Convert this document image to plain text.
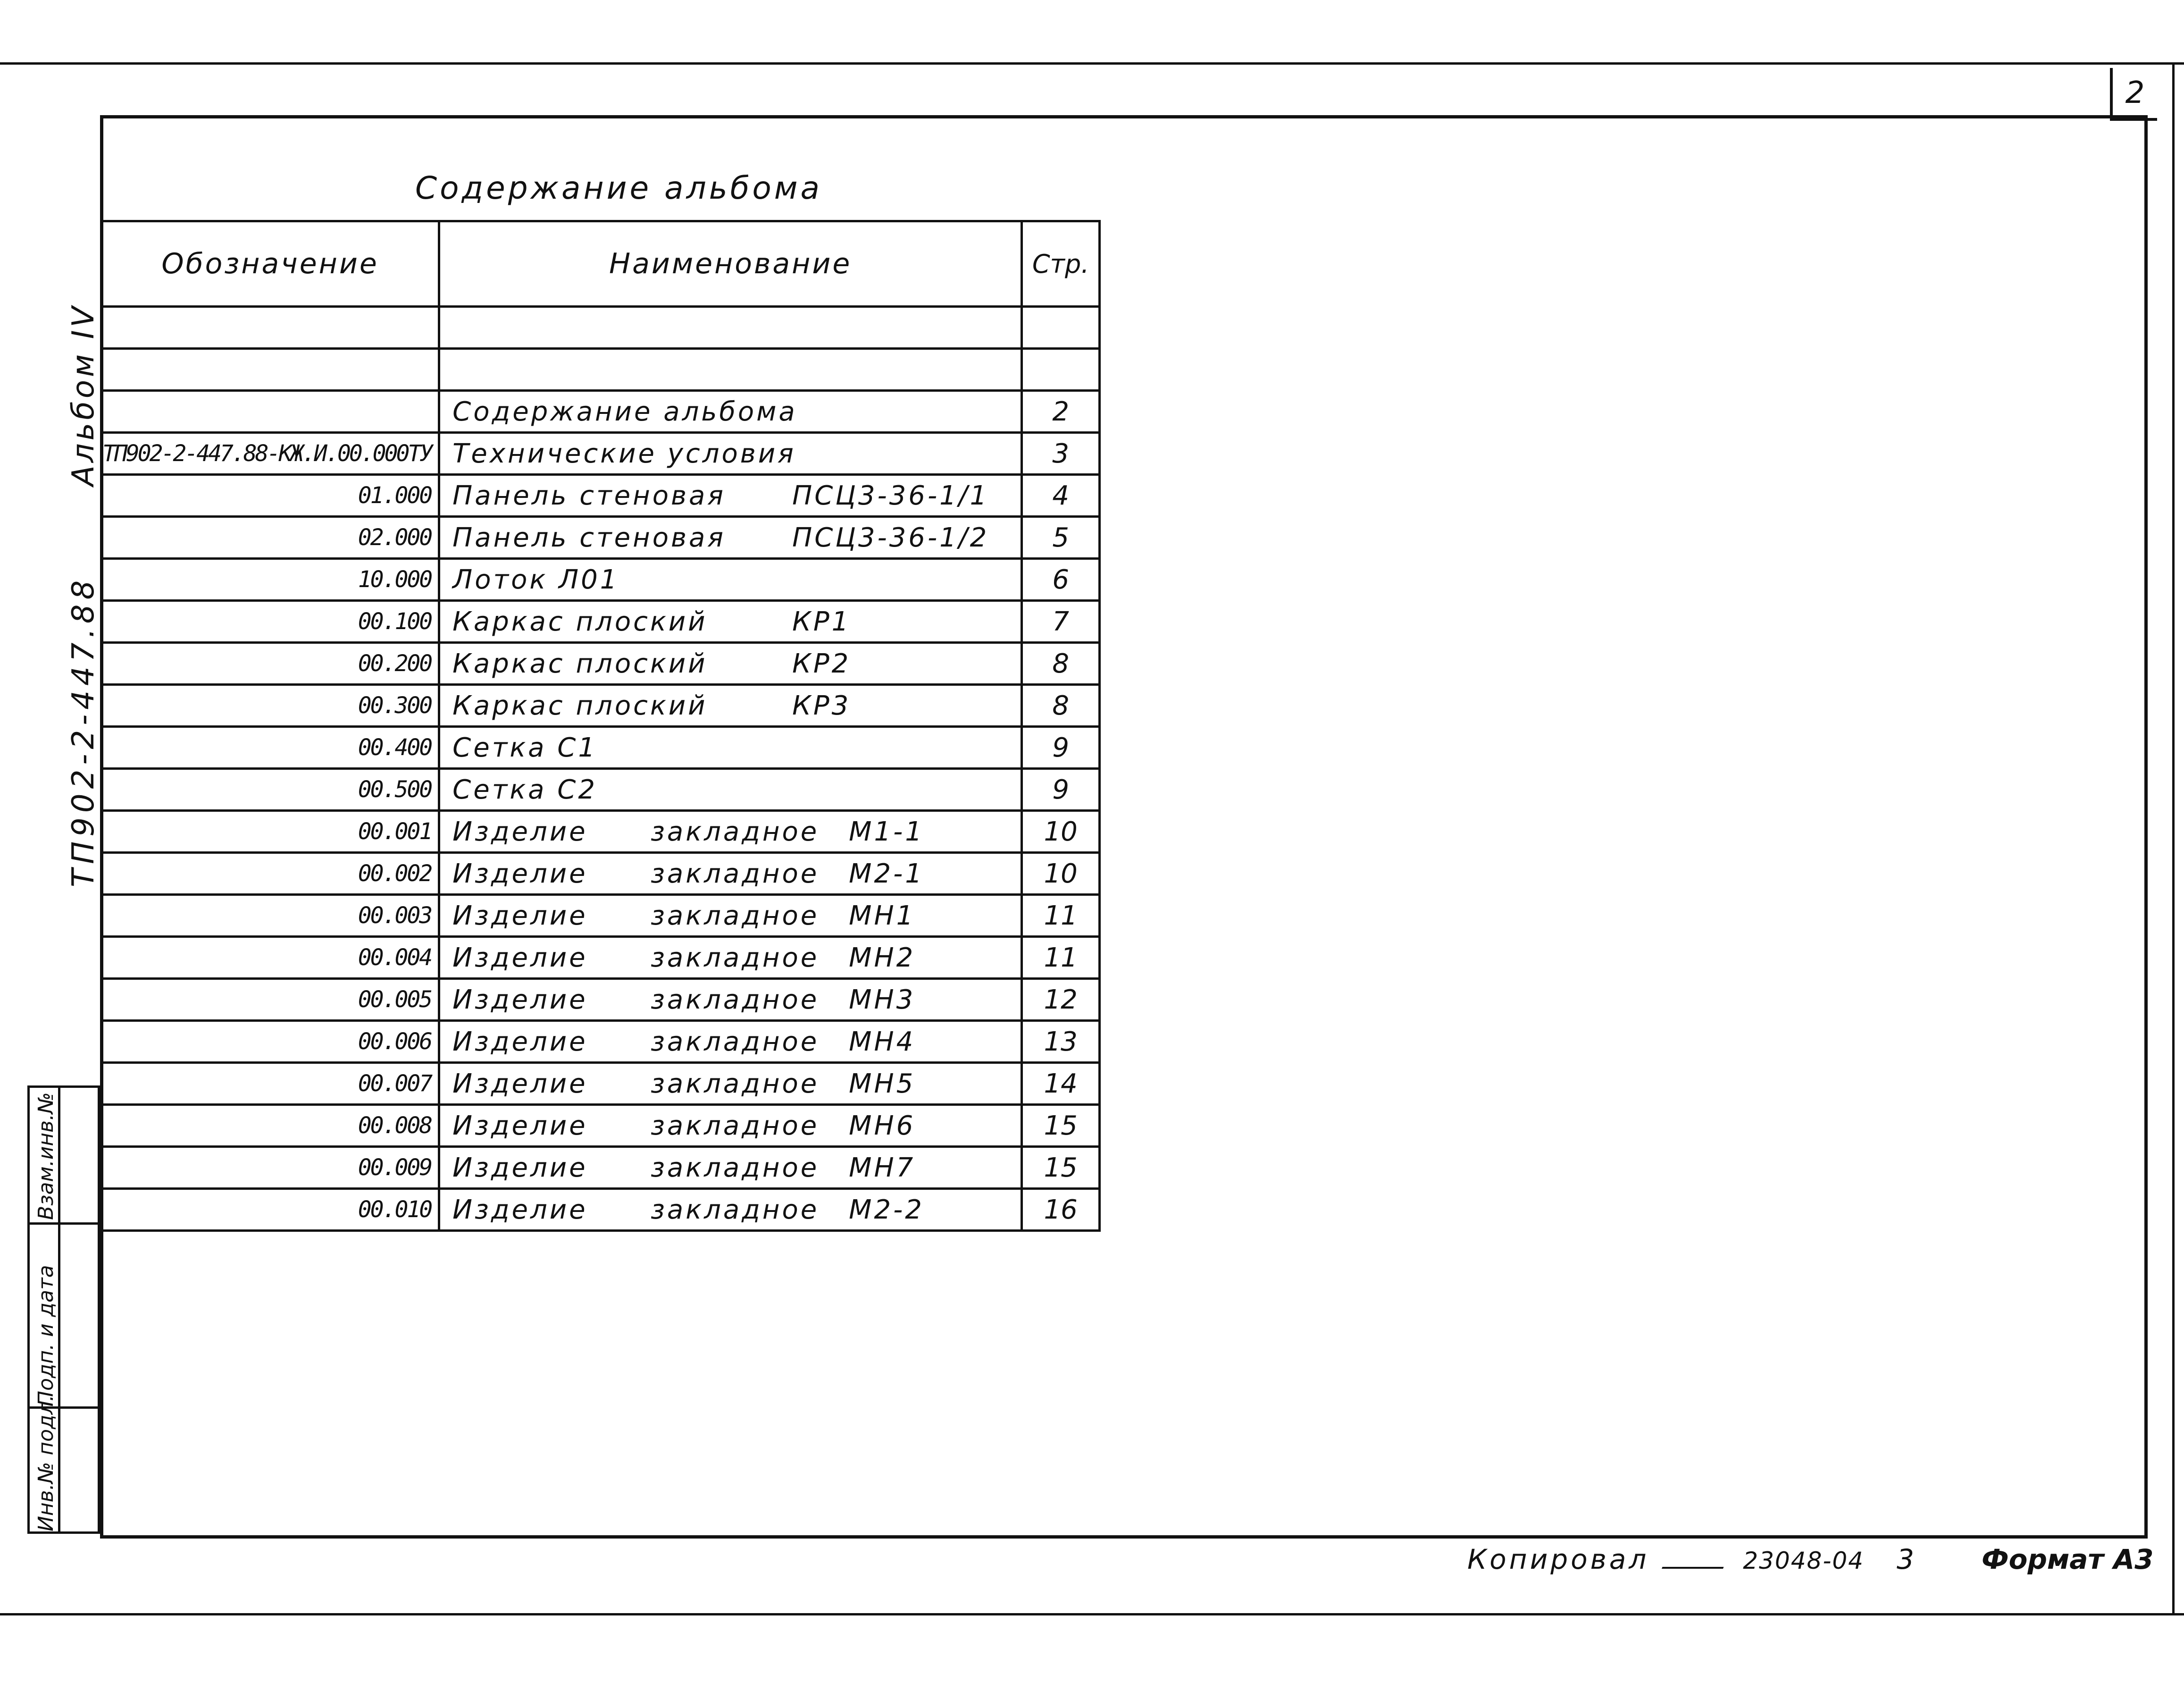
2
Содержание альбома
Обозначение	Наименование	Стр.

	Содержание альбома	2
ТП902-2-447.88-КЖ.И.00.000ТУ	Технические условия	3
01.000	Панель стеновая ПСЦ3-36-1/1	4
02.000	Панель стеновая ПСЦ3-36-1/2	5
10.000	Лоток Л01	6
00.100	Каркас плоский КР1	7
00.200	Каркас плоский КР2	8
00.300	Каркас плоский КР3	8
00.400	Сетка С1	9
00.500	Сетка С2	9
00.001	Изделие закладное М1-1	10
00.002	Изделие закладное М2-1	10
00.003	Изделие закладное МН1	11
00.004	Изделие закладное МН2	11
00.005	Изделие закладное МН3	12
00.006	Изделие закладное МН4	13
00.007	Изделие закладное МН5	14
00.008	Изделие закладное МН6	15
00.009	Изделие закладное МН7	15
00.010	Изделие закладное М2-2	16
Альбом IV
ТП902-2-447.88
Взам.инв.№
Подп. и дата
Инв.№ подл.
Копировал	23048-04 3 Формат А3
